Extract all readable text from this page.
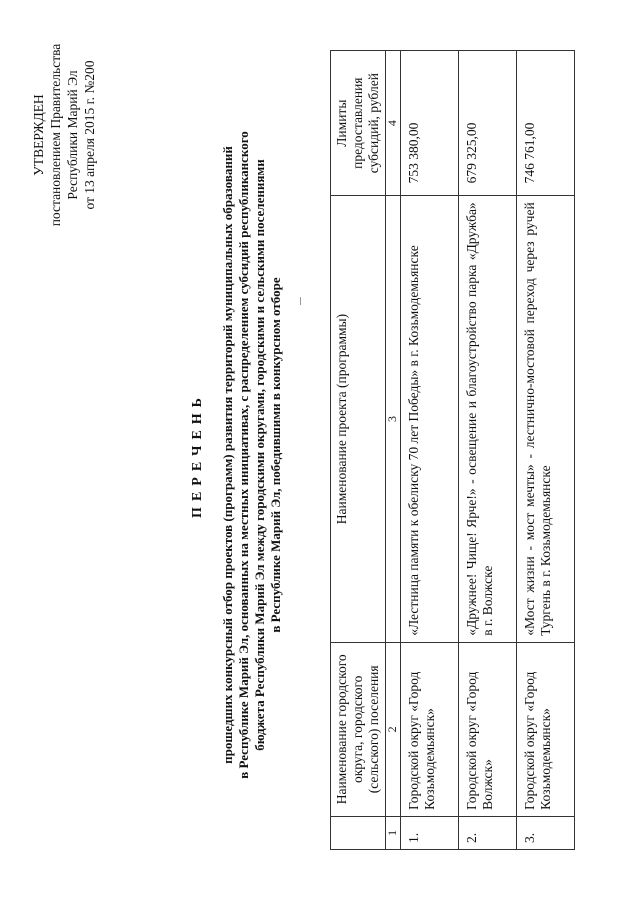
УТВЕРЖДЕН постановлением Правительства Республики Марий Эл от 13 апреля 2015 г. №200
ПЕРЕЧЕНЬ прошедших конкурсный отбор проектов (программ) развития территорий муниципальных образований в Республике Марий Эл, основанных на местных инициативах, с распределением субсидий республиканского бюджета Республики Марий Эл между городскими округами, городскими и сельскими поселениями в Республике Марий Эл, победившими в конкурсном отборе
	Наименование городского округа, городского (сельского) поселения	Наименование проекта (программы)	Лимиты предоставления субсидий, рублей
1	2	3	4
1.	Городской округ «Город Козьмодемьянск»	«Лестница памяти к обелиску 70 лет Победы» в г. Козьмодемьянске	753 380,00
2.	Городской округ «Город Волжск»	«Дружнее! Чище! Ярче!» - освещение и благоустройство парка «Дружба» в г. Волжске	679 325,00
3.	Городской округ «Город Козьмодемьянск»	«Мост жизни - мост мечты» - лестнично-мостовой переход через ручей Тургень в г. Козьмодемьянске	746 761,00
